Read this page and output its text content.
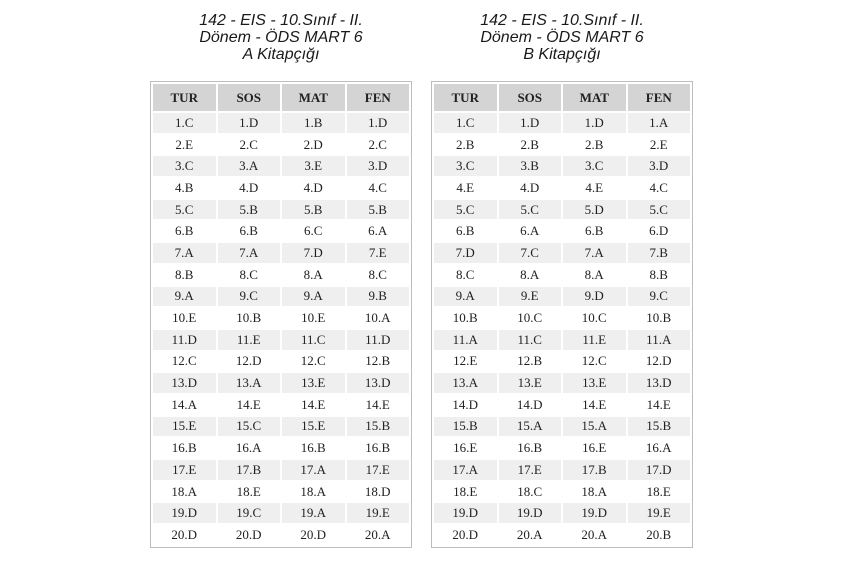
142 - EIS - 10.Sınıf - II.
Dönem - ÖDS MART 6
A Kitapçığı
TUR	SOS	MAT	FEN
1.C	1.D	1.B	1.D
2.E	2.C	2.D	2.C
3.C	3.A	3.E	3.D
4.B	4.D	4.D	4.C
5.C	5.B	5.B	5.B
6.B	6.B	6.C	6.A
7.A	7.A	7.D	7.E
8.B	8.C	8.A	8.C
9.A	9.C	9.A	9.B
10.E	10.B	10.E	10.A
11.D	11.E	11.C	11.D
12.C	12.D	12.C	12.B
13.D	13.A	13.E	13.D
14.A	14.E	14.E	14.E
15.E	15.C	15.E	15.B
16.B	16.A	16.B	16.B
17.E	17.B	17.A	17.E
18.A	18.E	18.A	18.D
19.D	19.C	19.A	19.E
20.D	20.D	20.D	20.A
142 - EIS - 10.Sınıf - II.
Dönem - ÖDS MART 6
B Kitapçığı
TUR	SOS	MAT	FEN
1.C	1.D	1.D	1.A
2.B	2.B	2.B	2.E
3.C	3.B	3.C	3.D
4.E	4.D	4.E	4.C
5.C	5.C	5.D	5.C
6.B	6.A	6.B	6.D
7.D	7.C	7.A	7.B
8.C	8.A	8.A	8.B
9.A	9.E	9.D	9.C
10.B	10.C	10.C	10.B
11.A	11.C	11.E	11.A
12.E	12.B	12.C	12.D
13.A	13.E	13.E	13.D
14.D	14.D	14.E	14.E
15.B	15.A	15.A	15.B
16.E	16.B	16.E	16.A
17.A	17.E	17.B	17.D
18.E	18.C	18.A	18.E
19.D	19.D	19.D	19.E
20.D	20.A	20.A	20.B
